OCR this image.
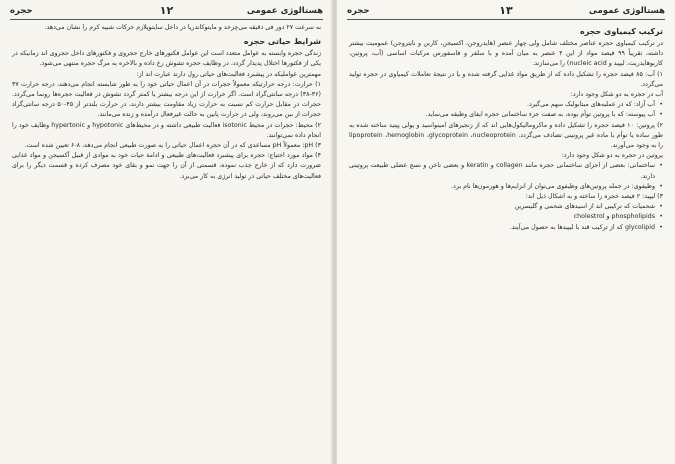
هستالوژی عمومی
۱۲
حجره

به سرعت ۲۷ دور فی دقیقه می‌چرخد و مایتوکاندریا در داخل سایتوپلازم حرکات شبیه کرم را نشان می‌دهد.

شرایط حیاتی حجره

زندگی حجره وابسته به عوامل متعدد است این عوامل فکتورهای خارج حجروی و فکتورهای داخل حجروی اند زمانیکه در یکی از فکتورها اختلال پدیدار گردد، در وظایف حجره تشوش رخ داده و بالاخره به مرگ حجره منتهی می‌شود.

مهمترین عواملیکه در پیشبرد فعالیت‌های حیاتی رول دارند عبارت اند از:

۱) حرارت: درجه حرارتیکه معمولاً حجرات در آن اعمال حیاتی خود را به طور شایسته انجام می‌دهند، درجه حرارت ۳۷ (۳۶-۳۸) درجه سانتی‌گراد است. اگر حرارت از این درجه بیشتر یا کمتر گردد تشوش در فعالیت حجره‌ها رونما می‌گردد. حجرات در مقابل حرارت کم نسبت به حرارت زیاد مقاومت بیشتر دارند، در حرارت بلندتر از ۴۵-۵۰ درجه سانتی‌گراد حجرات از بین می‌روند، ولی در حرارت پایین به حالت غیرفعال درآمده و زنده می‌مانند.
۲) محیط: حجرات در محیط isotonic فعالیت طبیعی داشته و در محیط‌های hypotonic و hypertonic وظایف خود را انجام داده نمی‌توانند.
۳) pH: معمولاً pH مساعدی که در آن حجره اعمال حیاتی را به صورت طبیعی انجام می‌دهد، ۸-۶ تعیین شده است.
۴) مواد مورد احتیاج: حجره برای پیشبرد فعالیت‌های طبیعی و ادامهٔ حیات خود به موادی از قبیل آکسیجن و مواد غذایی ضرورت دارد که از خارج جذب نموده، قسمتی از آن را جهت نمو و بقای خود مصرف کرده و قسمت دیگر را برای فعالیت‌های مختلف حیاتی در تولید انرژی به کار می‌برد.
هستالوژی عمومی
۱۳
حجره

ترکیب کیمیاوی حجره

در ترکیب کیمیاوی حجره عناصر مختلف شامل ولی چهار عنصر (هایدروجن، اکسیجن، کاربن و نایتروجن) عمومیت بیشتر داشته، تقریباً ۹۹ فیصد مواد از این ۴ عنصر به میان آمده و با سلفر و فاسفورس مرکبات اساسی (آب، پروتین، کاربوهایدریت، لیپید و nucleic acid) را می‌سازند.

۱) آب: ۸۵ فیصد حجره را تشکیل داده که از طریق مواد غذایی گرفته شده و یا در نتیجهٔ تعاملات کیمیاوی در حجره تولید می‌گردد.
آب در حجره به دو شکل وجود دارد:
• آب آزاد: که در عملیه‌های میتابولیک سهم می‌گیرد.
• آب پیوسته: که با پروتین توأم بوده، به صفت جزء ساختمانی حجره ایفای وظیفه می‌نماید.
۲) پروتین: ۱۰ فیصد حجره را تشکیل داده و ماکرومالیکول‌هایی اند که از زنجیرهای امینواسید و پولی پپتید ساخته شده به طور ساده یا توأم با ماده غیر پروتینی تصادف می‌گردد. lipoprotein ،hemoglobin ،glycoprotein ،nucleoprotein را به وجود می‌آورند.
پروتین در حجره به دو شکل وجود دارد:
• ساختمانی: بعضی از اجزای ساختمانی حجره مانند collagen و keratin و بعضی ناخن و نسج عضلی طبیعت پروتینی دارند.
• وظیفوی: در جمله پروتین‌های وظیفوی می‌توان از انزایم‌ها و هورمون‌ها نام برد.
۳) لیپید: ۲ فیصد حجره را ساخته و به اشکال ذیل اند:
• شحمیات که ترکیبی اند از اسید‌های شحمی و گلیسرین
• phospholipids و cholestrol
• glycolipid که از ترکیب قند با لیپید‌ها به حصول می‌آیند.
